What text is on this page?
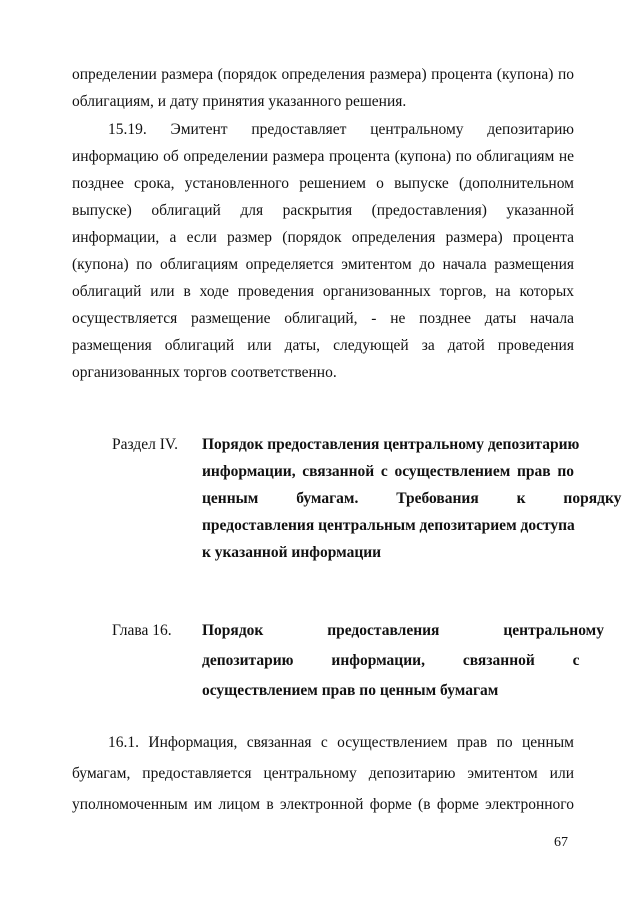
определении размера (порядок определения размера) процента (купона) по
облигациям, и дату принятия указанного решения.
15.19. Эмитент предоставляет центральному депозитарию
информацию об определении размера процента (купона) по облигациям не
позднее срока, установленного решением о выпуске (дополнительном
выпуске) облигаций для раскрытия (предоставления) указанной
информации, а если размер (порядок определения размера) процента
(купона) по облигациям определяется эмитентом до начала размещения
облигаций или в ходе проведения организованных торгов, на которых
осуществляется размещение облигаций, - не позднее даты начала
размещения облигаций или даты, следующей за датой проведения
организованных торгов соответственно.
Раздел IV.	Порядок предоставления центральному депозитарию
информации, связанной с осуществлением прав по
ценным бумагам. Требования к порядку
предоставления центральным депозитарием доступа
к указанной информации
Глава 16.	Порядок предоставления центральному
депозитарию информации, связанной с
осуществлением прав по ценным бумагам
16.1. Информация, связанная с осуществлением прав по ценным
бумагам, предоставляется центральному депозитарию эмитентом или
уполномоченным им лицом в электронной форме (в форме электронного
67
